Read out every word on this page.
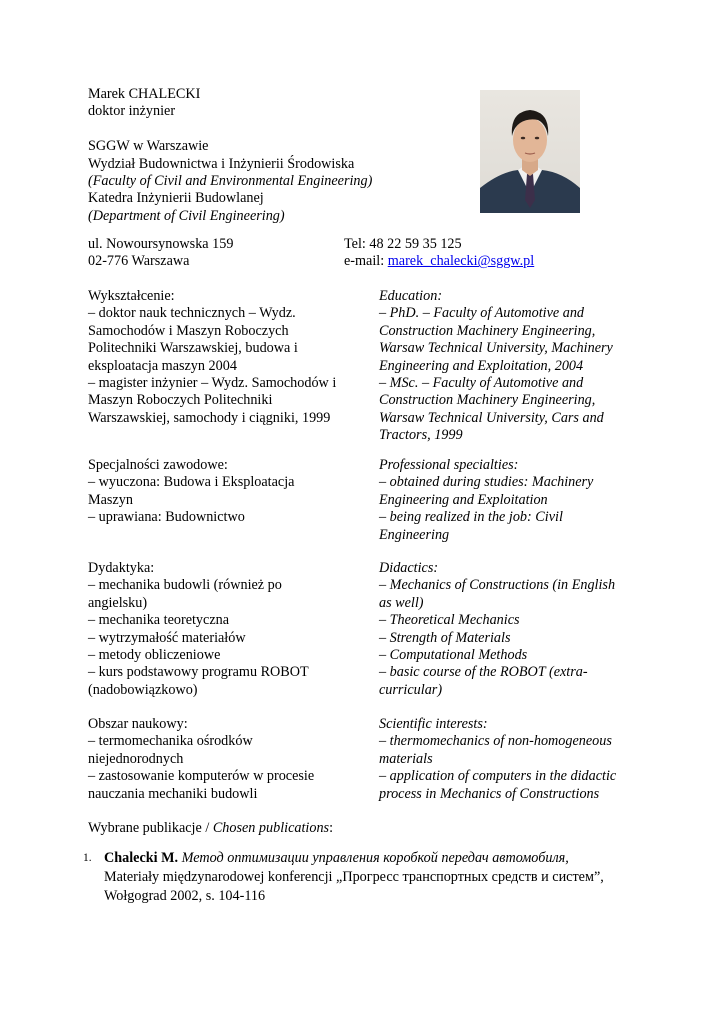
Marek CHALECKI
doktor inżynier
SGGW w Warszawie
Wydział Budownictwa i Inżynierii Środowiska
(Faculty of Civil and Environmental Engineering)
Katedra Inżynierii Budowlanej
(Department of Civil Engineering)
ul. Nowoursynowska 159
02-776 Warszawa
Tel: 48 22 59 35 125
e-mail: marek_chalecki@sggw.pl
Wykształcenie:
– doktor nauk technicznych – Wydz.
Samochodów i Maszyn Roboczych
Politechniki Warszawskiej, budowa i
eksploatacja maszyn 2004
– magister inżynier – Wydz. Samochodów i
Maszyn Roboczych Politechniki
Warszawskiej, samochody i ciągniki, 1999
Education:
– PhD. – Faculty of Automotive and
Construction Machinery Engineering,
Warsaw Technical University, Machinery
Engineering and Exploitation, 2004
– MSc. – Faculty of Automotive and
Construction Machinery Engineering,
Warsaw Technical University, Cars and
Tractors, 1999
Specjalności zawodowe:
– wyuczona: Budowa i Eksploatacja
Maszyn
– uprawiana: Budownictwo
Professional specialties:
– obtained during studies: Machinery
Engineering and Exploitation
– being realized in the job: Civil
Engineering
Dydaktyka:
– mechanika budowli (również po
angielsku)
– mechanika teoretyczna
– wytrzymałość materiałów
– metody obliczeniowe
– kurs podstawowy programu ROBOT
(nadobowiązkowo)
Didactics:
– Mechanics of Constructions (in English
as well)
– Theoretical Mechanics
– Strength of Materials
– Computational Methods
– basic course of the ROBOT (extra-
curricular)
Obszar naukowy:
– termomechanika ośrodków
niejednorodnych
– zastosowanie komputerów w procesie
nauczania mechaniki budowli
Scientific interests:
– thermomechanics of non-homogeneous
materials
– application of computers in the didactic
process in Mechanics of Constructions
Wybrane publikacje / Chosen publications:
1. Chalecki M. Метод оптимизации управления коробкой передач автомобиля,
Materiały międzynarodowej konferencji „Прогресс транспортных средств и систем”,
Wołgograd 2002, s. 104-116
